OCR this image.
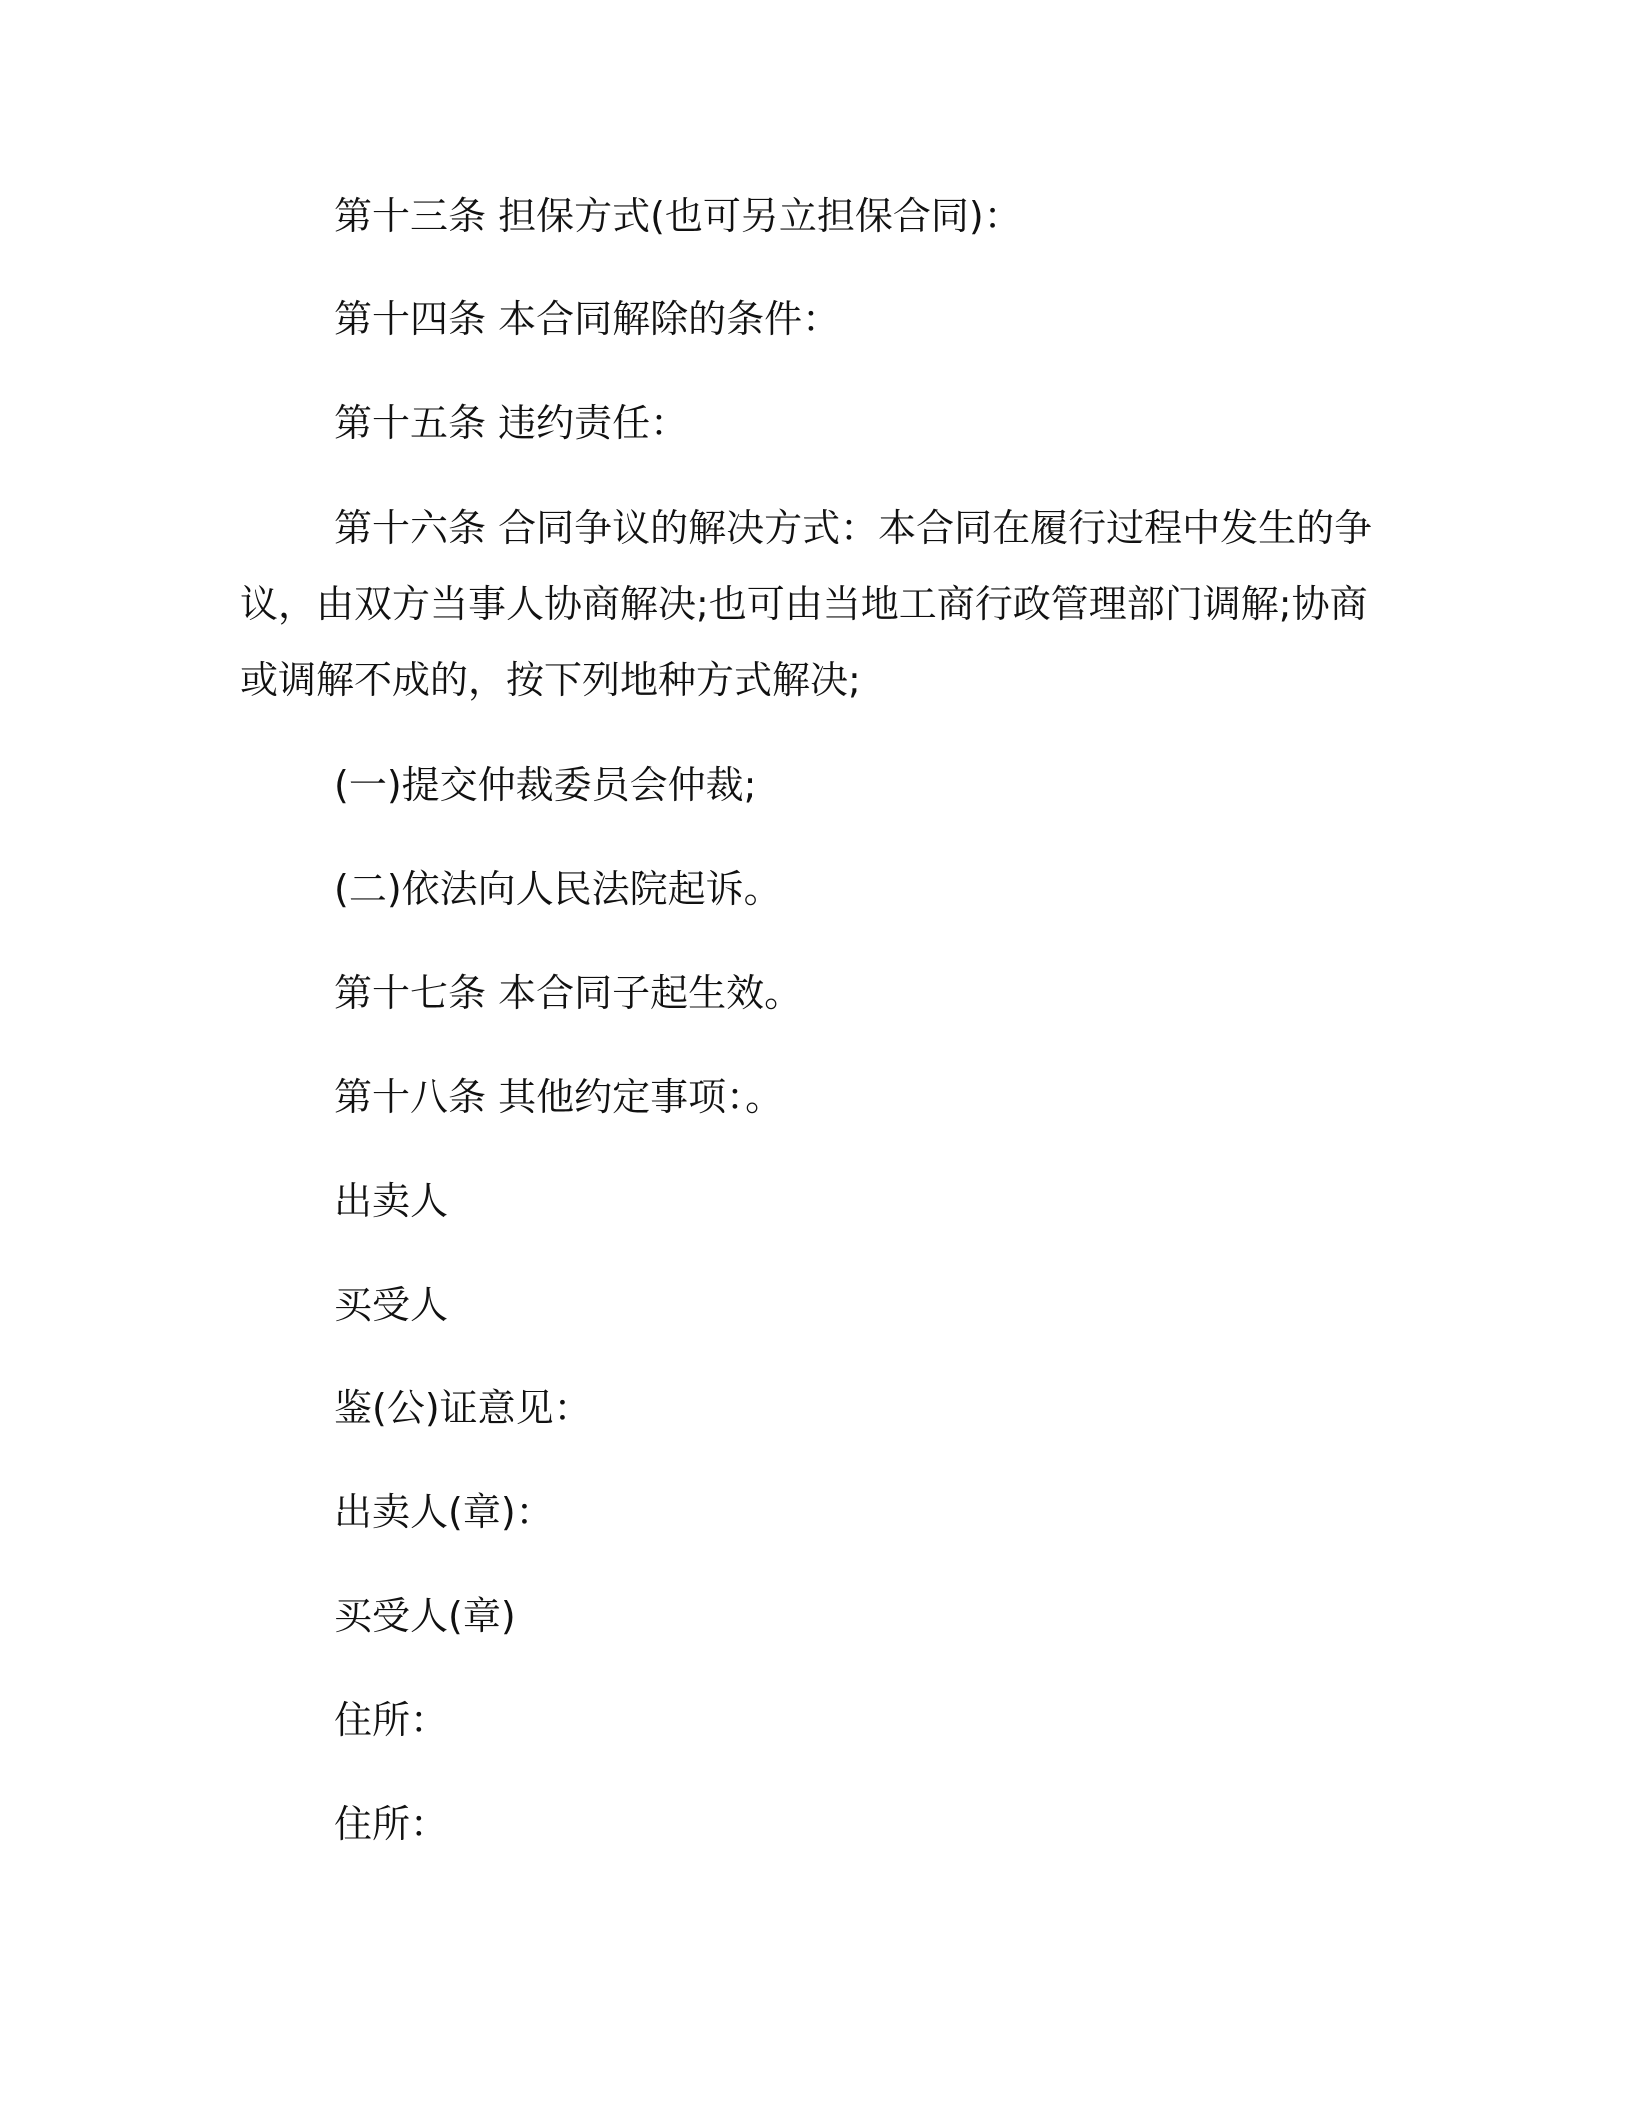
第十三条 担保方式(也可另立担保合同)：

第十四条 本合同解除的条件：

第十五条 违约责任：

第十六条 合同争议的解决方式：本合同在履行过程中发生的争议，由双方当事人协商解决;也可由当地工商行政管理部门调解;协商或调解不成的，按下列地种方式解决;

(一)提交仲裁委员会仲裁;

(二)依法向人民法院起诉。

第十七条 本合同子起生效。

第十八条 其他约定事项：。

出卖人

买受人

鉴(公)证意见：

出卖人(章)：

买受人(章)

住所：

住所：
